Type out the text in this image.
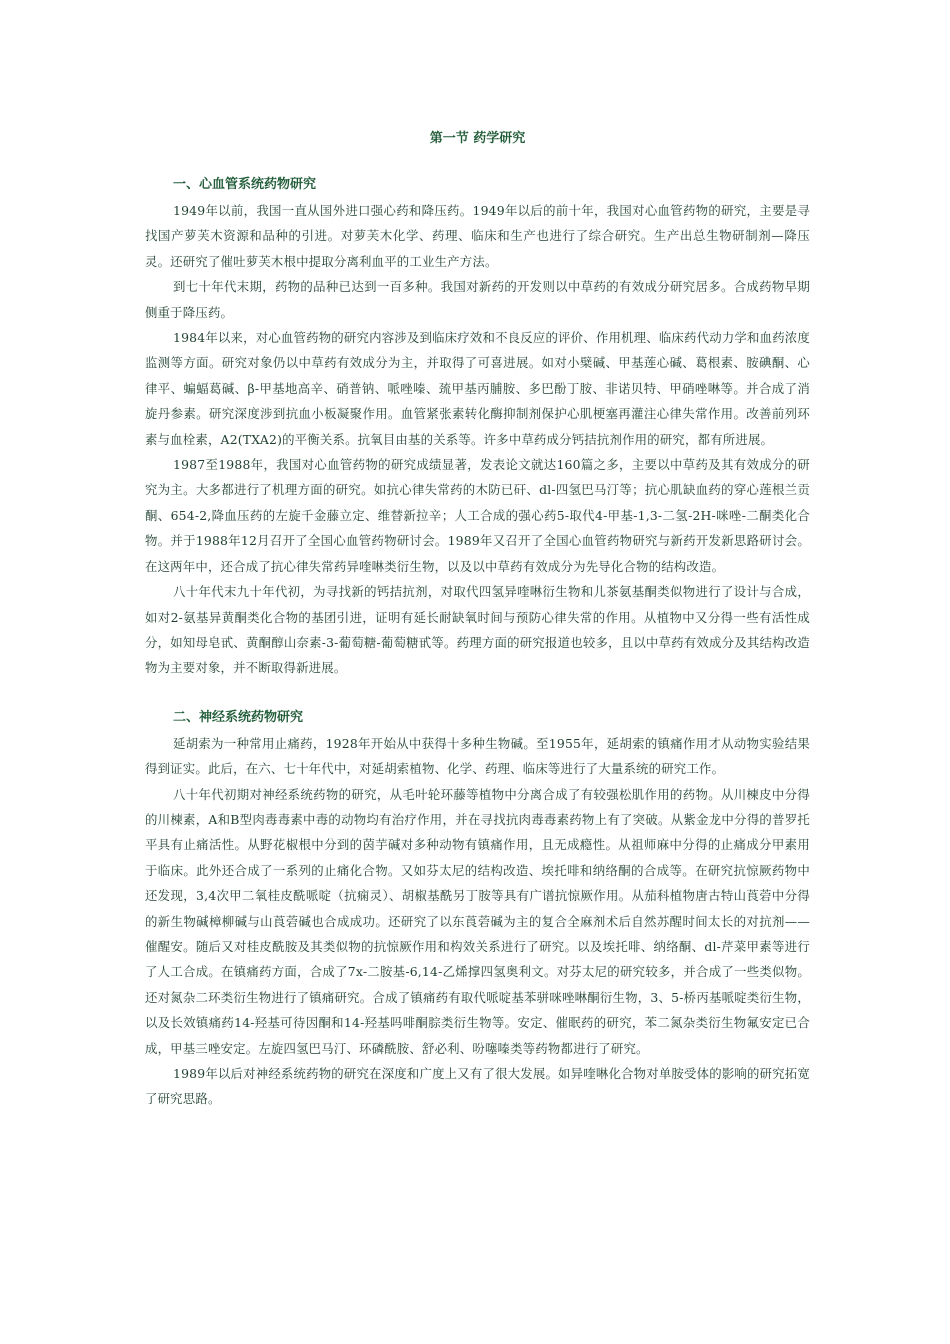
第一节 药学研究
一、心血管系统药物研究

1949年以前，我国一直从国外进口强心药和降压药。1949年以后的前十年，我国对心血管药物的研究，主要是寻找国产萝芙木资源和品种的引进。对萝芙木化学、药理、临床和生产也进行了综合研究。生产出总生物研制剂—降压灵。还研究了催吐萝芙木根中提取分离利血平的工业生产方法。

到七十年代末期，药物的品种已达到一百多种。我国对新药的开发则以中草药的有效成分研究居多。合成药物早期侧重于降压药。

1984年以来，对心血管药物的研究内容涉及到临床疗效和不良反应的评价、作用机理、临床药代动力学和血药浓度监测等方面。研究对象仍以中草药有效成分为主，并取得了可喜进展。如对小檗碱、甲基莲心碱、葛根素、胺碘酮、心律平、蝙蝠葛碱、β-甲基地高辛、硝普钠、哌唑嗪、巯甲基丙脯胺、多巴酚丁胺、非诺贝特、甲硝唑啉等。并合成了消旋丹参素。研究深度涉到抗血小板凝聚作用。血管紧张素转化酶抑制剂保护心肌梗塞再灌注心律失常作用。改善前列环素与血栓素，A2(TXA2)的平衡关系。抗氧目由基的关系等。许多中草药成分钙拮抗剂作用的研究，都有所进展。

1987至1988年，我国对心血管药物的研究成绩显著，发表论文就达160篇之多，主要以中草药及其有效成分的研究为主。大多都进行了机理方面的研究。如抗心律失常药的木防已矸、dl-四氢巴马汀等；抗心肌缺血药的穿心莲根兰贡酮、654-2,降血压药的左旋千金藤立定、维替新拉辛；人工合成的强心药5-取代4-甲基-1,3-二氢-2H-咪唑-二酮类化合物。并于1988年12月召开了全国心血管药物研讨会。1989年又召开了全国心血管药物研究与新药开发新思路研讨会。在这两年中，还合成了抗心律失常药异喹啉类衍生物，以及以中草药有效成分为先导化合物的结构改造。

八十年代末九十年代初，为寻找新的钙拮抗剂，对取代四氢异喹啉衍生物和儿茶氨基酮类似物进行了设计与合成，如对2-氨基异黄酮类化合物的基团引进，证明有延长耐缺氧时间与预防心律失常的作用。从植物中又分得一些有活性成分，如知母皂甙、黄酮醇山奈素-3-葡萄糖-葡萄糖甙等。药理方面的研究报道也较多，且以中草药有效成分及其结构改造物为主要对象，并不断取得新进展。

二、神经系统药物研究

延胡索为一种常用止痛药，1928年开始从中获得十多种生物碱。至1955年，延胡索的镇痛作用才从动物实验结果得到证实。此后，在六、七十年代中，对延胡索植物、化学、药理、临床等进行了大量系统的研究工作。

八十年代初期对神经系统药物的研究，从毛叶轮环藤等植物中分离合成了有较强松肌作用的药物。从川楝皮中分得的川楝素，A和B型肉毒毒素中毒的动物均有治疗作用，并在寻找抗肉毒毒素药物上有了突破。从紫金龙中分得的普罗托平具有止痛活性。从野花椒根中分到的茵芋碱对多种动物有镇痛作用，且无成瘾性。从祖师麻中分得的止痛成分甲素用于临床。此外还合成了一系列的止痛化合物。又如芬太尼的结构改造、埃托啡和纳络酮的合成等。在研究抗惊厥药物中还发现，3,4次甲二氧桂皮酰哌啶（抗痫灵）、胡椒基酰另丁胺等具有广谱抗惊厥作用。从茄科植物唐古特山莨菪中分得的新生物碱樟柳碱与山莨菪碱也合成成功。还研究了以东莨菪碱为主的复合全麻剂术后自然苏醒时间太长的对抗剂——催醒安。随后又对桂皮酰胺及其类似物的抗惊厥作用和构效关系进行了研究。以及埃托啡、纳络酮、dl-芹菜甲素等进行了人工合成。在镇痛药方面，合成了7x-二胺基-6,14-乙烯撑四氢奥利文。对芬太尼的研究较多，并合成了一些类似物。还对氮杂二环类衍生物进行了镇痛研究。合成了镇痛药有取代哌啶基苯骈咪唑啉酮衍生物，3、5-桥丙基哌啶类衍生物，以及长效镇痛药14-羟基可待因酮和14-羟基吗啡酮腙类衍生物等。安定、催眠药的研究，苯二氮杂类衍生物氟安定已合成，甲基三唑安定。左旋四氢巴马汀、环磷酰胺、舒必利、吩噻嗪类等药物都进行了研究。

1989年以后对神经系统药物的研究在深度和广度上又有了很大发展。如异喹啉化合物对单胺受体的影响的研究拓宽了研究思路。
